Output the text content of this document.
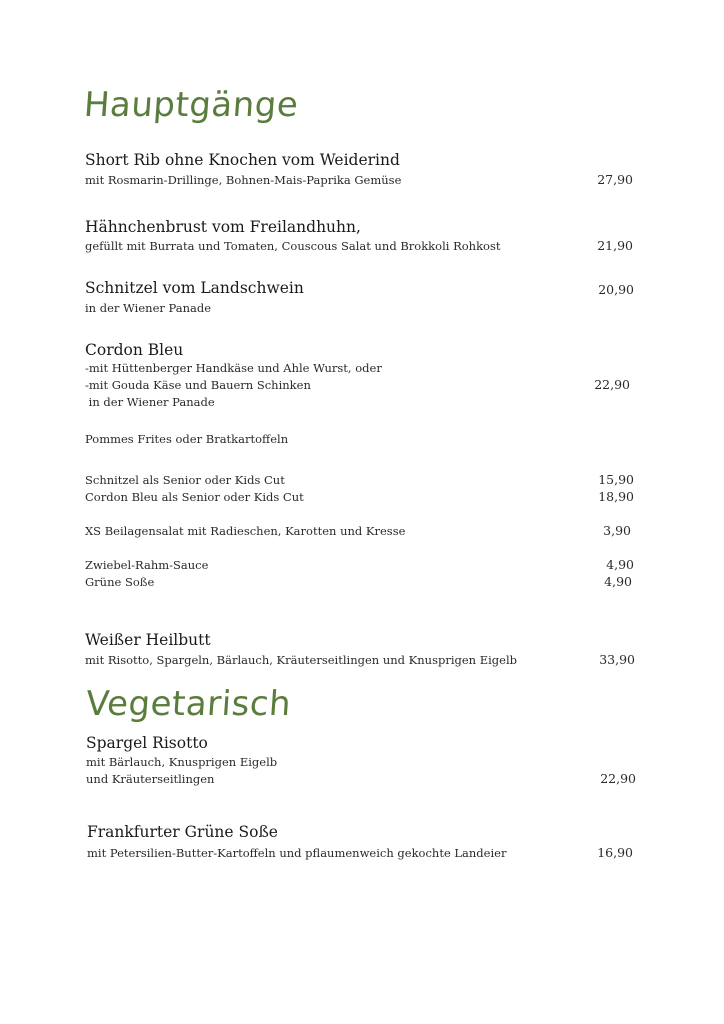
Hauptgänge
Short Rib ohne Knochen vom Weiderind
mit Rosmarin-Drillinge, Bohnen-Mais-Paprika Gemüse	27,90
Hähnchenbrust vom Freilandhuhn,
gefüllt mit Burrata und Tomaten, Couscous Salat und Brokkoli Rohkost	21,90
Schnitzel vom Landschwein	20,90
in der Wiener Panade
Cordon Bleu
-mit Hüttenberger Handkäse und Ahle Wurst, oder
-mit Gouda Käse und Bauern Schinken	22,90
in der Wiener Panade
Pommes Frites oder Bratkartoffeln
Schnitzel als Senior oder Kids Cut	15,90
Cordon Bleu als Senior oder Kids Cut	18,90
XS Beilagensalat mit Radieschen, Karotten und Kresse	3,90
Zwiebel-Rahm-Sauce	4,90
Grüne Soße	4,90
Weißer Heilbutt
mit Risotto, Spargeln, Bärlauch, Kräuterseitlingen und Knusprigen Eigelb	33,90
Vegetarisch
Spargel Risotto
mit Bärlauch, Knusprigen Eigelb
und Kräuterseitlingen	22,90
Frankfurter Grüne Soße
mit Petersilien-Butter-Kartoffeln und pflaumenweich gekochte Landeier	16,90
